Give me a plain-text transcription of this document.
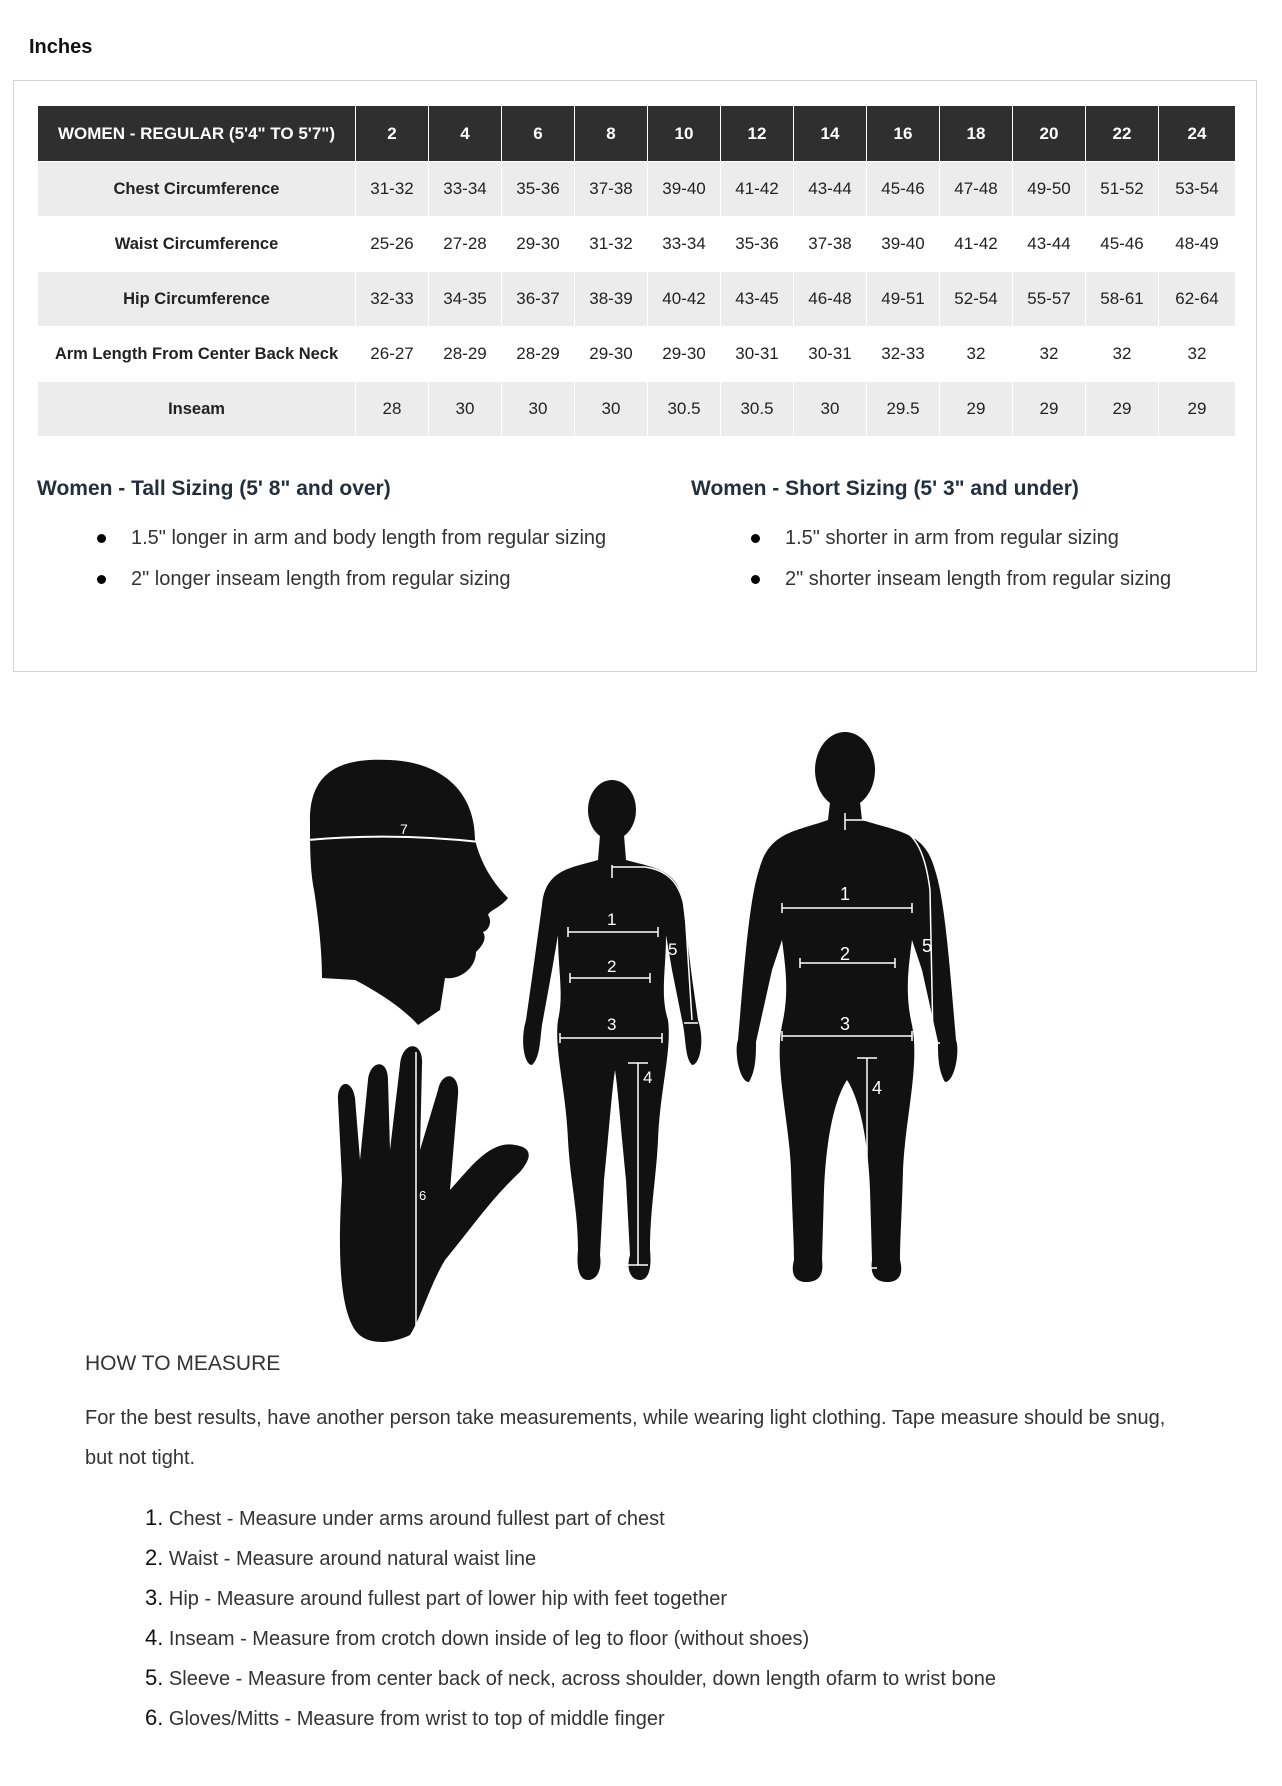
Inches
WOMEN - REGULAR (5'4" TO 5'7")	2	4	6	8	10	12	14	16	18	20	22	24
Chest Circumference	31-32	33-34	35-36	37-38	39-40	41-42	43-44	45-46	47-48	49-50	51-52	53-54
Waist Circumference	25-26	27-28	29-30	31-32	33-34	35-36	37-38	39-40	41-42	43-44	45-46	48-49
Hip Circumference	32-33	34-35	36-37	38-39	40-42	43-45	46-48	49-51	52-54	55-57	58-61	62-64
Arm Length From Center Back Neck	26-27	28-29	28-29	29-30	29-30	30-31	30-31	32-33	32	32	32	32
Inseam	28	30	30	30	30.5	30.5	30	29.5	29	29	29	29
Women - Tall Sizing (5' 8" and over)
1.5" longer in arm and body length from regular sizing
2" longer inseam length from regular sizing
Women - Short Sizing (5' 3" and under)
1.5" shorter in arm from regular sizing
2" shorter inseam length from regular sizing
7
6
1
2
3
4
5
1
2
3
4
5

HOW TO MEASURE

For the best results, have another person take measurements, while wearing light clothing. Tape measure should be snug, but not tight.
1. Chest - Measure under arms around fullest part of chest
2. Waist - Measure around natural waist line
3. Hip - Measure around fullest part of lower hip with feet together
4. Inseam - Measure from crotch down inside of leg to floor (without shoes)
5. Sleeve - Measure from center back of neck, across shoulder, down length ofarm to wrist bone
6. Gloves/Mitts - Measure from wrist to top of middle finger
